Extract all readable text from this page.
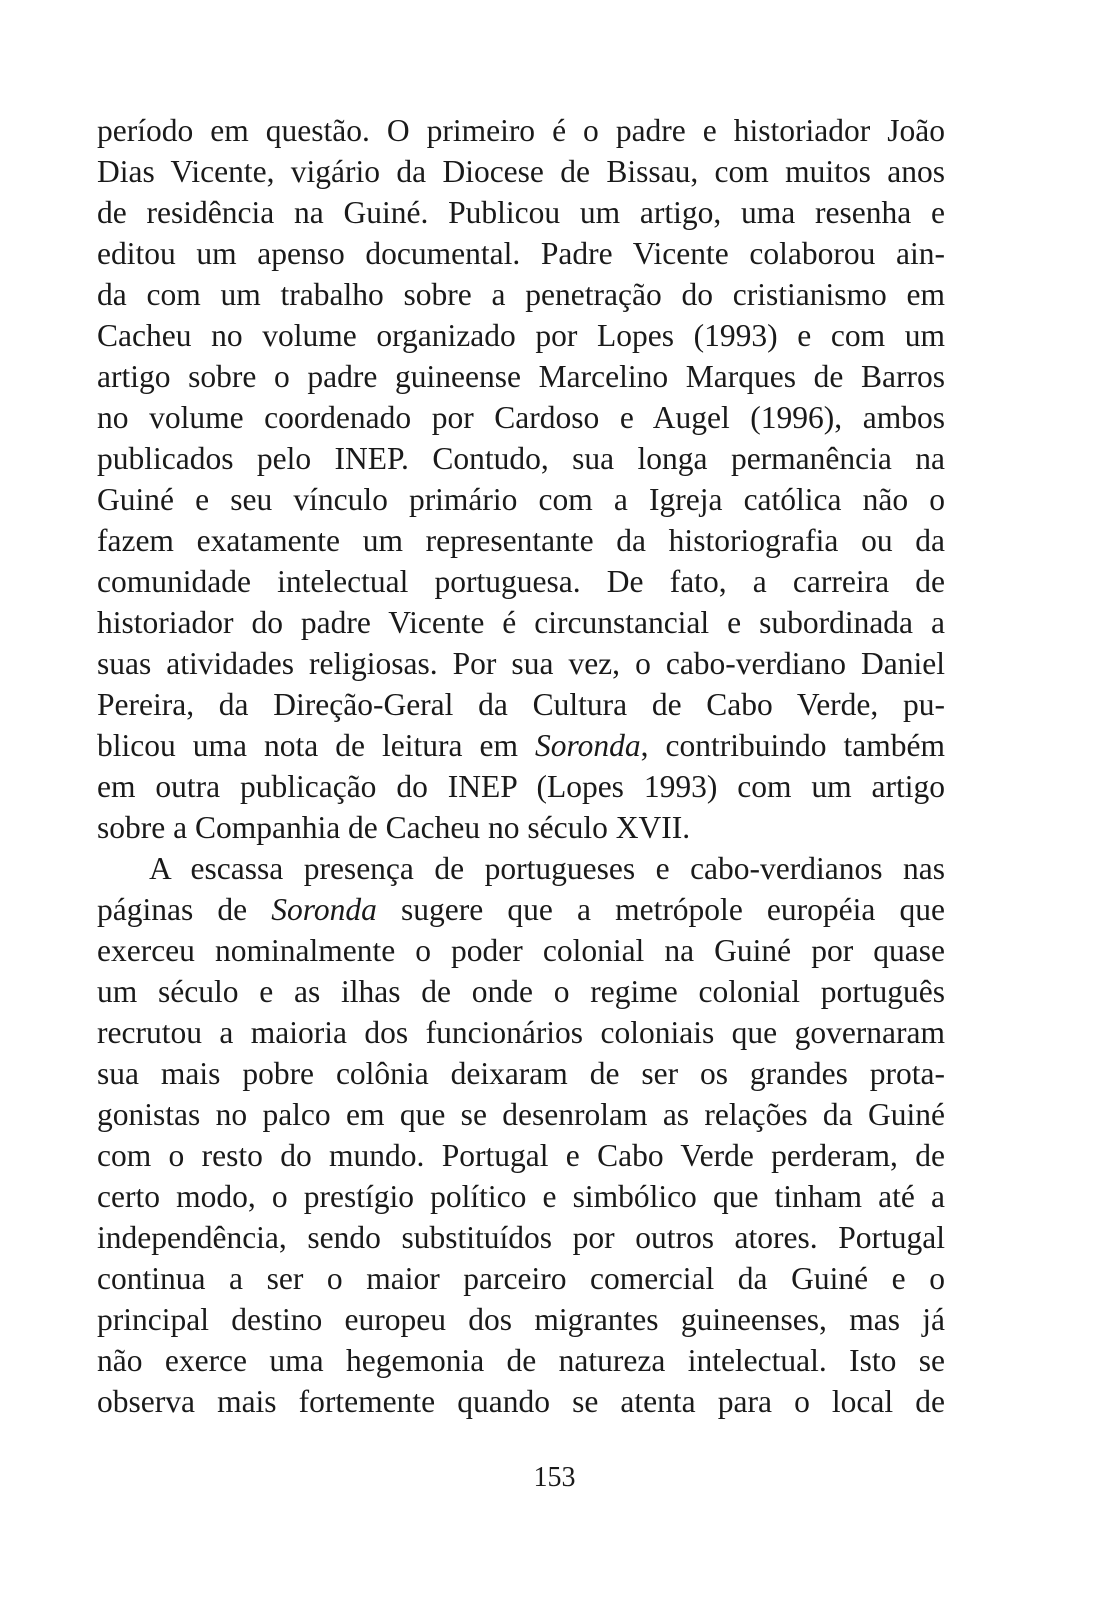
período em questão. O primeiro é o padre e historiador João
Dias Vicente, vigário da Diocese de Bissau, com muitos anos
de residência na Guiné. Publicou um artigo, uma resenha e
editou um apenso documental. Padre Vicente colaborou ain-
da com um trabalho sobre a penetração do cristianismo em
Cacheu no volume organizado por Lopes (1993) e com um
artigo sobre o padre guineense Marcelino Marques de Barros
no volume coordenado por Cardoso e Augel (1996), ambos
publicados pelo INEP. Contudo, sua longa permanência na
Guiné e seu vínculo primário com a Igreja católica não o
fazem exatamente um representante da historiografia ou da
comunidade intelectual portuguesa. De fato, a carreira de
historiador do padre Vicente é circunstancial e subordinada a
suas atividades religiosas. Por sua vez, o cabo-verdiano Daniel
Pereira, da Direção-Geral da Cultura de Cabo Verde, pu-
blicou uma nota de leitura em Soronda, contribuindo também
em outra publicação do INEP (Lopes 1993) com um artigo
sobre a Companhia de Cacheu no século XVII.
A escassa presença de portugueses e cabo-verdianos nas
páginas de Soronda sugere que a metrópole européia que
exerceu nominalmente o poder colonial na Guiné por quase
um século e as ilhas de onde o regime colonial português
recrutou a maioria dos funcionários coloniais que governaram
sua mais pobre colônia deixaram de ser os grandes prota-
gonistas no palco em que se desenrolam as relações da Guiné
com o resto do mundo. Portugal e Cabo Verde perderam, de
certo modo, o prestígio político e simbólico que tinham até a
independência, sendo substituídos por outros atores. Portugal
continua a ser o maior parceiro comercial da Guiné e o
principal destino europeu dos migrantes guineenses, mas já
não exerce uma hegemonia de natureza intelectual. Isto se
observa mais fortemente quando se atenta para o local de
153
